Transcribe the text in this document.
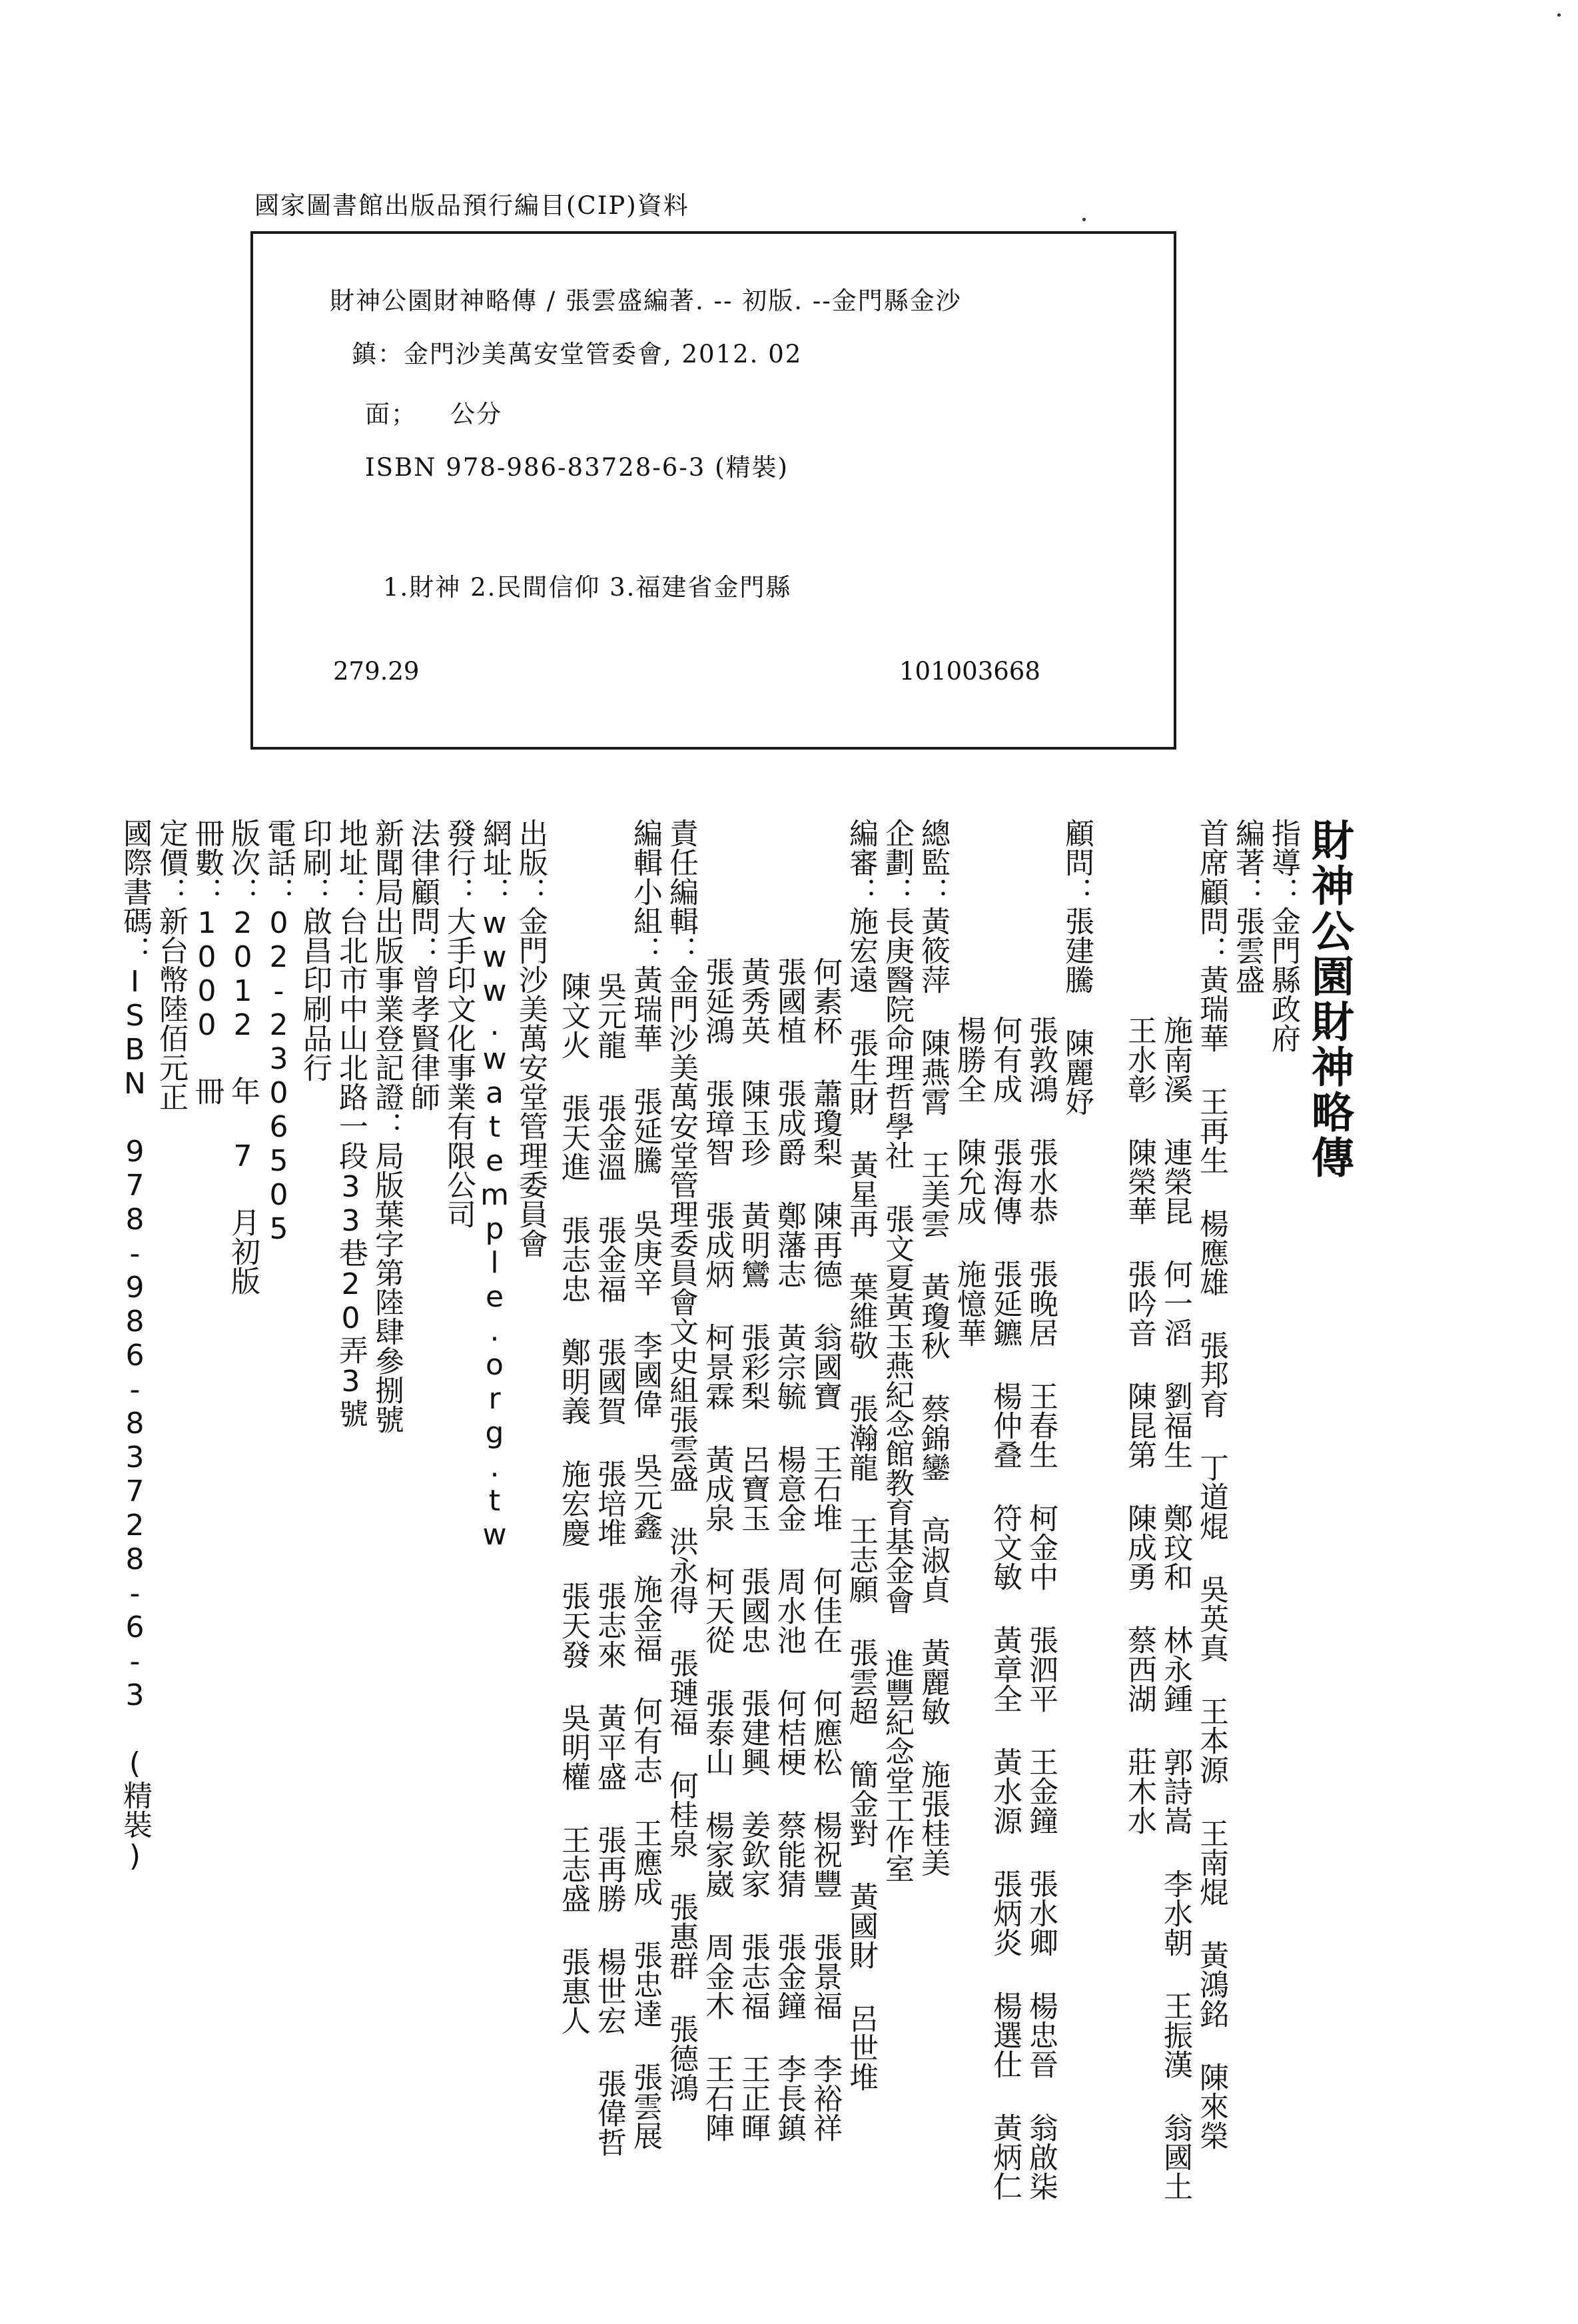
國家圖書館出版品預行編目(CIP)資料
財神公園財神略傳 / 張雲盛編著. -- 初版. --金門縣金沙
鎮：金門沙美萬安堂管委會, 2012. 02
面； 公分
ISBN 978-986-83728-6-3 (精裝)
1.財神 2.民間信仰 3.福建省金門縣
279.29	101003668
財神公園財神略傳
指導：金門縣政府
編著：張雲盛
首席顧問：黃瑞華 王再生 楊應雄 張邦育 丁道焜 吳英真 王本源 王南焜 黃鴻銘 陳來榮
施南溪 連榮昆 何一滔 劉福生 鄭玟和 林永鍾 郭詩嵩 李水朝 王振漢 翁國土
王水彰 陳榮華 張吟音 陳昆第 陳成勇 蔡西湖 莊木水
顧問：張建騰 陳麗妤
張敦鴻 張水恭 張晚居 王春生 柯金中 張泗平 王金鐘 張水卿 楊忠晉 翁啟柒
何有成 張海傳 張延鑣 楊仲叠 符文敏 黃章全 黃水源 張炳炎 楊選仕 黃炳仁
楊勝全 陳允成 施憶華
總監：黃筱萍 陳燕霄 王美雲 黃瓊秋 蔡錦鑾 高淑貞 黃麗敏 施張桂美
企劃：長庚醫院命理哲學社 張文夏黃玉燕紀念館教育基金會 進豐紀念堂工作室
編審：施宏遠 張生財 黃星再 葉維敬 張瀚龍 王志願 張雲超 簡金對 黃國財 呂世堆
何素杯 蕭瓊梨 陳再德 翁國寶 王石堆 何佳在 何應松 楊祝豐 張景福 李裕祥
張國植 張成爵 鄭藩志 黃宗毓 楊意金 周水池 何桔梗 蔡能猜 張金鐘 李長鎮
黃秀英 陳玉珍 黃明鸞 張彩梨 呂寶玉 張國忠 張建興 姜欽家 張志福 王正暉
張延鴻 張璋智 張成炳 柯景霖 黃成泉 柯天從 張泰山 楊家崴 周金木 王石陣
責任編輯：金門沙美萬安堂管理委員會文史組張雲盛 洪永得 張璉福 何桂泉 張惠群 張德鴻
編輯小組：黃瑞華 張延騰 吳庚辛 李國偉 吳元鑫 施金福 何有志 王應成 張忠達 張雲展
吳元龍 張金溫 張金福 張國賀 張培堆 張志來 黃平盛 張再勝 楊世宏 張偉哲
陳文火 張天進 張志忠 鄭明義 施宏慶 張天發 吳明權 王志盛 張惠人
出版：金門沙美萬安堂管理委員會
網址：www.watemple.org.tw
發行：大手印文化事業有限公司
法律顧問：曾孝賢律師
新聞局出版事業登記證：局版葉字第陸肆參捌號
地址：台北市中山北路一段33巷20弄3號
印刷：啟昌印刷品行
電話：02-2306505
版次：2012 年 7 月初版
冊數：1000 冊
定價：新台幣陸佰元正
國際書碼：ISBN 978-986-83728-6-3 (精裝)
